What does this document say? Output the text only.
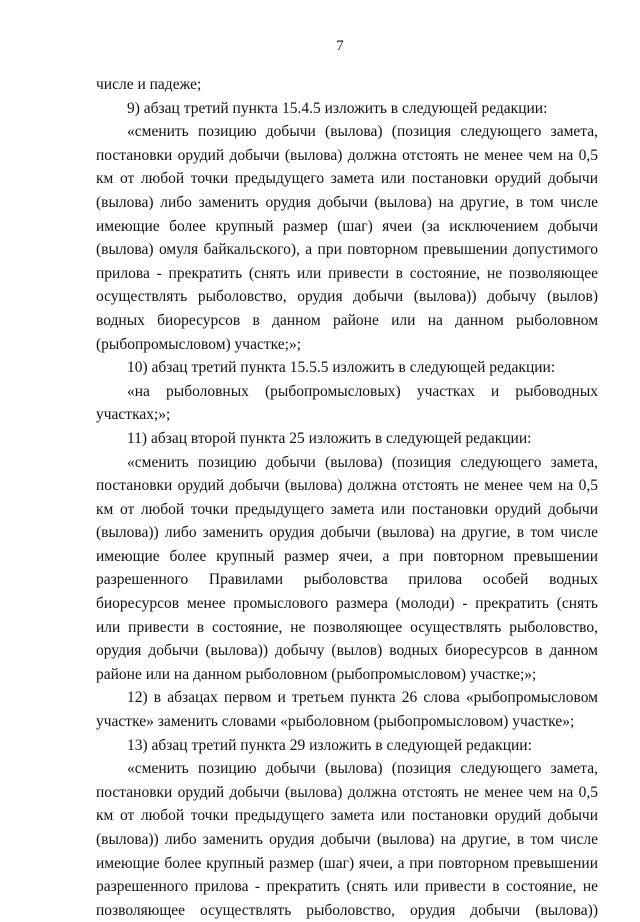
7

числе и падеже;

9) абзац третий пункта 15.4.5 изложить в следующей редакции:

«сменить позицию добычи (вылова) (позиция следующего замета, постановки орудий добычи (вылова) должна отстоять не менее чем на 0,5 км от любой точки предыдущего замета или постановки орудий добычи (вылова) либо заменить орудия добычи (вылова) на другие, в том числе имеющие более крупный размер (шаг) ячеи (за исключением добычи (вылова) омуля байкальского), а при повторном превышении допустимого прилова - прекратить (снять или привести в состояние, не позволяющее осуществлять рыболовство, орудия добычи (вылова)) добычу (вылов) водных биоресурсов в данном районе или на данном рыболовном (рыбопромысловом) участке;»;

10) абзац третий пункта 15.5.5 изложить в следующей редакции:

«на рыболовных (рыбопромысловых) участках и рыбоводных участках;»;

11) абзац второй пункта 25 изложить в следующей редакции:

«сменить позицию добычи (вылова) (позиция следующего замета, постановки орудий добычи (вылова) должна отстоять не менее чем на 0,5 км от любой точки предыдущего замета или постановки орудий добычи (вылова)) либо заменить орудия добычи (вылова) на другие, в том числе имеющие более крупный размер ячеи, а при повторном превышении разрешенного Правилами рыболовства прилова особей водных биоресурсов менее промыслового размера (молоди) - прекратить (снять или привести в состояние, не позволяющее осуществлять рыболовство, орудия добычи (вылова)) добычу (вылов) водных биоресурсов в данном районе или на данном рыболовном (рыбопромысловом) участке;»;

12) в абзацах первом и третьем пункта 26 слова «рыбопромысловом участке» заменить словами «рыболовном (рыбопромысловом) участке»;

13) абзац третий пункта 29 изложить в следующей редакции:

«сменить позицию добычи (вылова) (позиция следующего замета, постановки орудий добычи (вылова) должна отстоять не менее чем на 0,5 км от любой точки предыдущего замета или постановки орудий добычи (вылова)) либо заменить орудия добычи (вылова) на другие, в том числе имеющие более крупный размер (шаг) ячеи, а при повторном превышении разрешенного прилова - прекратить (снять или привести в состояние, не позволяющее осуществлять рыболовство, орудия добычи (вылова))
